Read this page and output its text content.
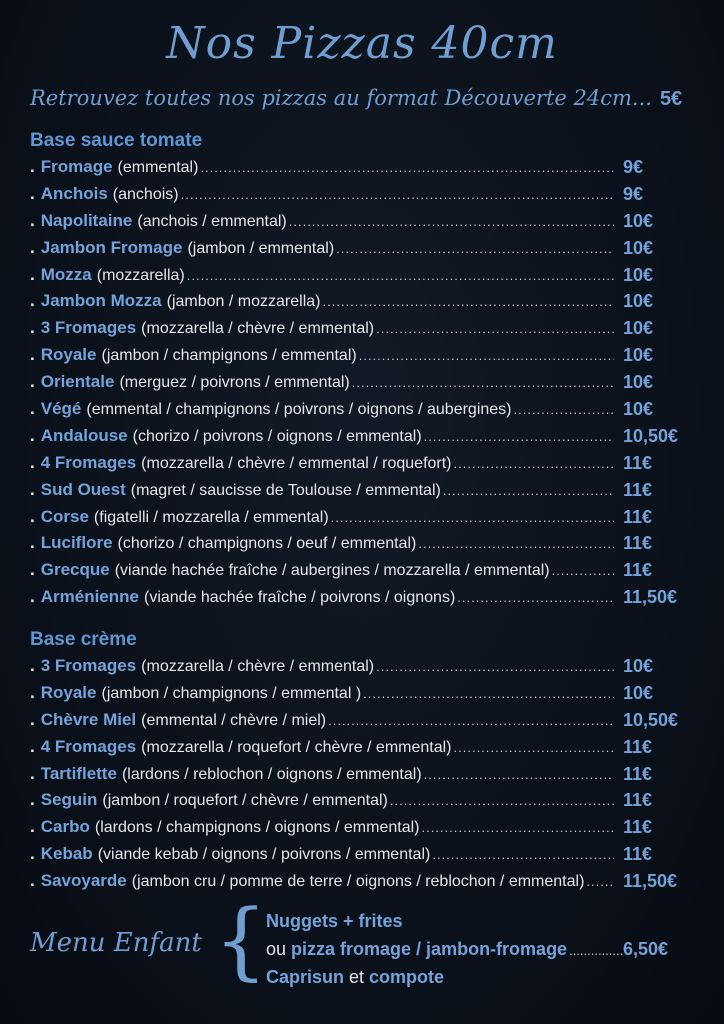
Nos Pizzas 40cm
Retrouvez toutes nos pizzas au format Découverte 24cm... 5€
Base sauce tomate
. Fromage (emmental) .....	9€
. Anchois (anchois) .....	9€
. Napolitaine (anchois / emmental) .....	10€
. Jambon Fromage (jambon / emmental) .....	10€
. Mozza (mozzarella) .....	10€
. Jambon Mozza (jambon / mozzarella) .....	10€
. 3 Fromages (mozzarella / chèvre / emmental) .....	10€
. Royale (jambon / champignons / emmental) .....	10€
. Orientale (merguez / poivrons / emmental) .....	10€
. Végé (emmental / champignons / poivrons / oignons / aubergines) .....	10€
. Andalouse (chorizo / poivrons / oignons / emmental) .....	10,50€
. 4 Fromages (mozzarella / chèvre / emmental / roquefort) .....	11€
. Sud Ouest (magret / saucisse de Toulouse / emmental) .....	11€
. Corse (figatelli / mozzarella / emmental) .....	11€
. Luciflore (chorizo / champignons / oeuf / emmental) .....	11€
. Grecque (viande hachée fraîche / aubergines / mozzarella / emmental) .....	11€
. Arménienne (viande hachée fraîche / poivrons / oignons) .....	11,50€
Base crème
. 3 Fromages (mozzarella / chèvre / emmental) .....	10€
. Royale (jambon / champignons / emmental ) .....	10€
. Chèvre Miel (emmental / chèvre / miel) .....	10,50€
. 4 Fromages (mozzarella / roquefort / chèvre / emmental) .....	11€
. Tartiflette (lardons / reblochon / oignons / emmental) .....	11€
. Seguin (jambon / roquefort / chèvre / emmental) .....	11€
. Carbo (lardons / champignons / oignons / emmental) .....	11€
. Kebab (viande kebab / oignons / poivrons / emmental) .....	11€
. Savoyarde (jambon cru / pomme de terre / oignons / reblochon / emmental) ..... 11,50€
Menu Enfant {
Nuggets + frites
ou pizza fromage / jambon-fromage .....	6,50€
Caprisun et compote
